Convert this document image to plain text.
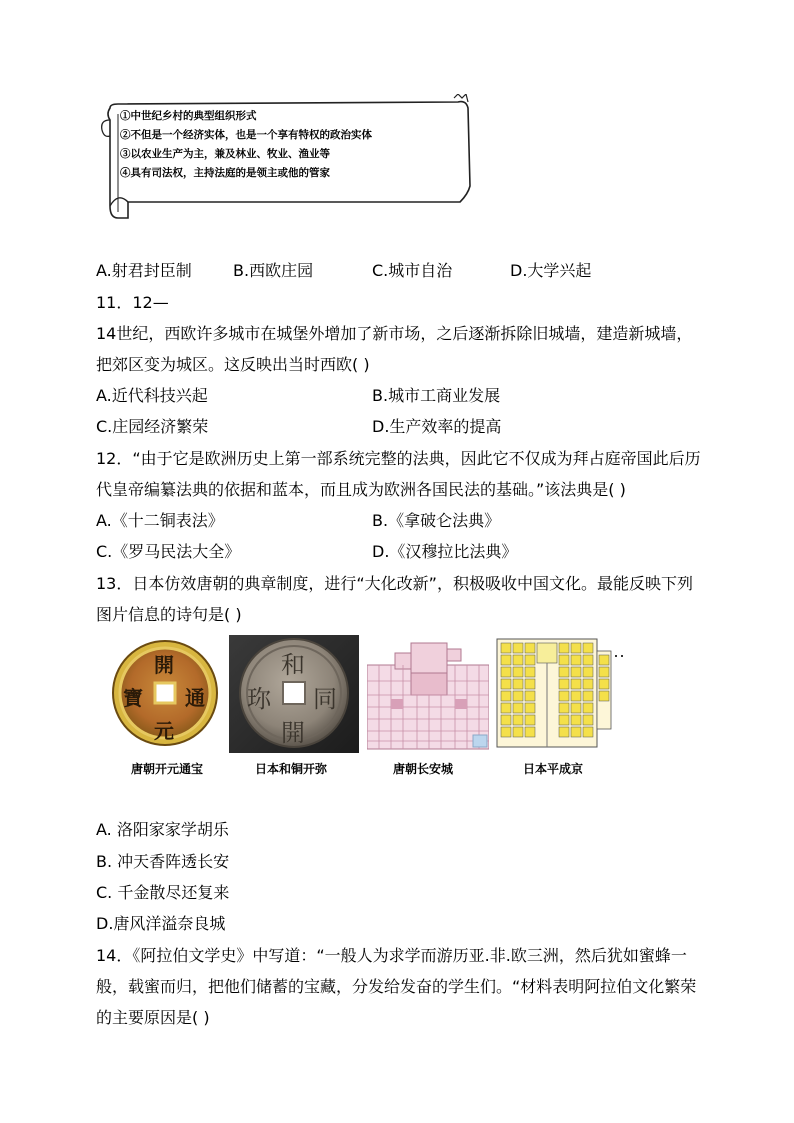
①中世纪乡村的典型组织形式
②不但是一个经济实体，也是一个享有特权的政治实体
③以农业生产为主，兼及林业、牧业、渔业等
④具有司法权，主持法庭的是领主或他的管家
A.射君封臣制	B.西欧庄园	C.城市自治	D.大学兴起
11．12—
14世纪，西欧许多城市在城堡外增加了新市场，之后逐渐拆除旧城墙，建造新城墙，
把郊区变为城区。这反映出当时西欧( )
A.近代科技兴起	B.城市工商业发展
C.庄园经济繁荣	D.生产效率的提高
12．“由于它是欧洲历史上第一部系统完整的法典，因此它不仅成为拜占庭帝国此后历
代皇帝编纂法典的依据和蓝本，而且成为欧洲各国民法的基础。”该法典是( )
A.《十二铜表法》	B.《拿破仑法典》
C.《罗马民法大全》	D.《汉穆拉比法典》
13．日本仿效唐朝的典章制度，进行“大化改新”，积极吸收中国文化。最能反映下列
图片信息的诗句是( )
開
元
通
寶
和
同
開
珎
唐朝开元通宝	日本和铜开弥	唐朝长安城	日本平成京
A. 洛阳家家学胡乐
B. 冲天香阵透长安
C. 千金散尽还复来
D.唐风洋溢奈良城
14．《阿拉伯文学史》中写道：“一般人为求学而游历亚.非.欧三洲，然后犹如蜜蜂一
般，载蜜而归，把他们储蓄的宝藏，分发给发奋的学生们。“材料表明阿拉伯文化繁荣
的主要原因是( )
